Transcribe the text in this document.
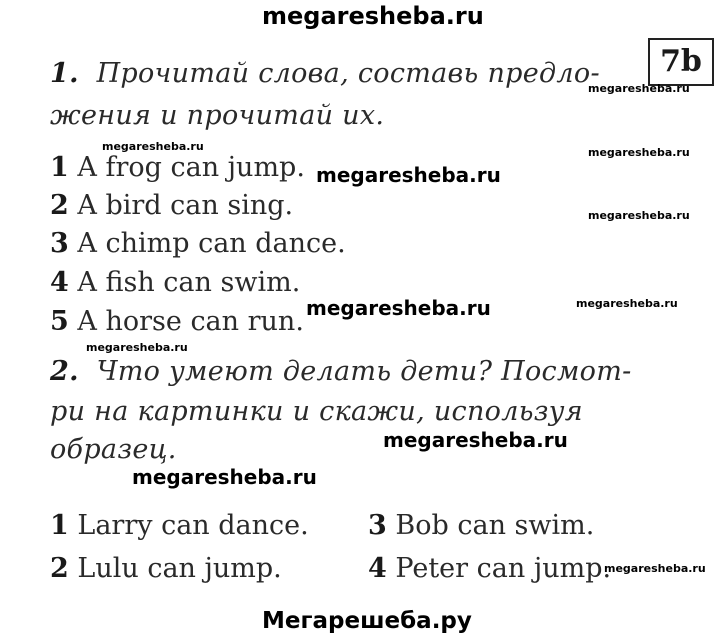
megaresheba.ru
7b
1. Прочитай слова, составь предло-
жения и прочитай их.
1 A frog can jump.
2 A bird can sing.
3 A chimp can dance.
4 A fish can swim.
5 A horse can run.
2. Что умеют делать дети? Посмот-
ри на картинки и скажи, используя
образец.
1 Larry can dance.
2 Lulu can jump.
3 Bob can swim.
4 Peter can jump.
megaresheba.ru
megaresheba.ru	megaresheba.ru
megaresheba.ru
megaresheba.ru
megaresheba.ru	megaresheba.ru
megaresheba.ru
megaresheba.ru
megaresheba.ru
megaresheba.ru
Мегарешеба.ру
